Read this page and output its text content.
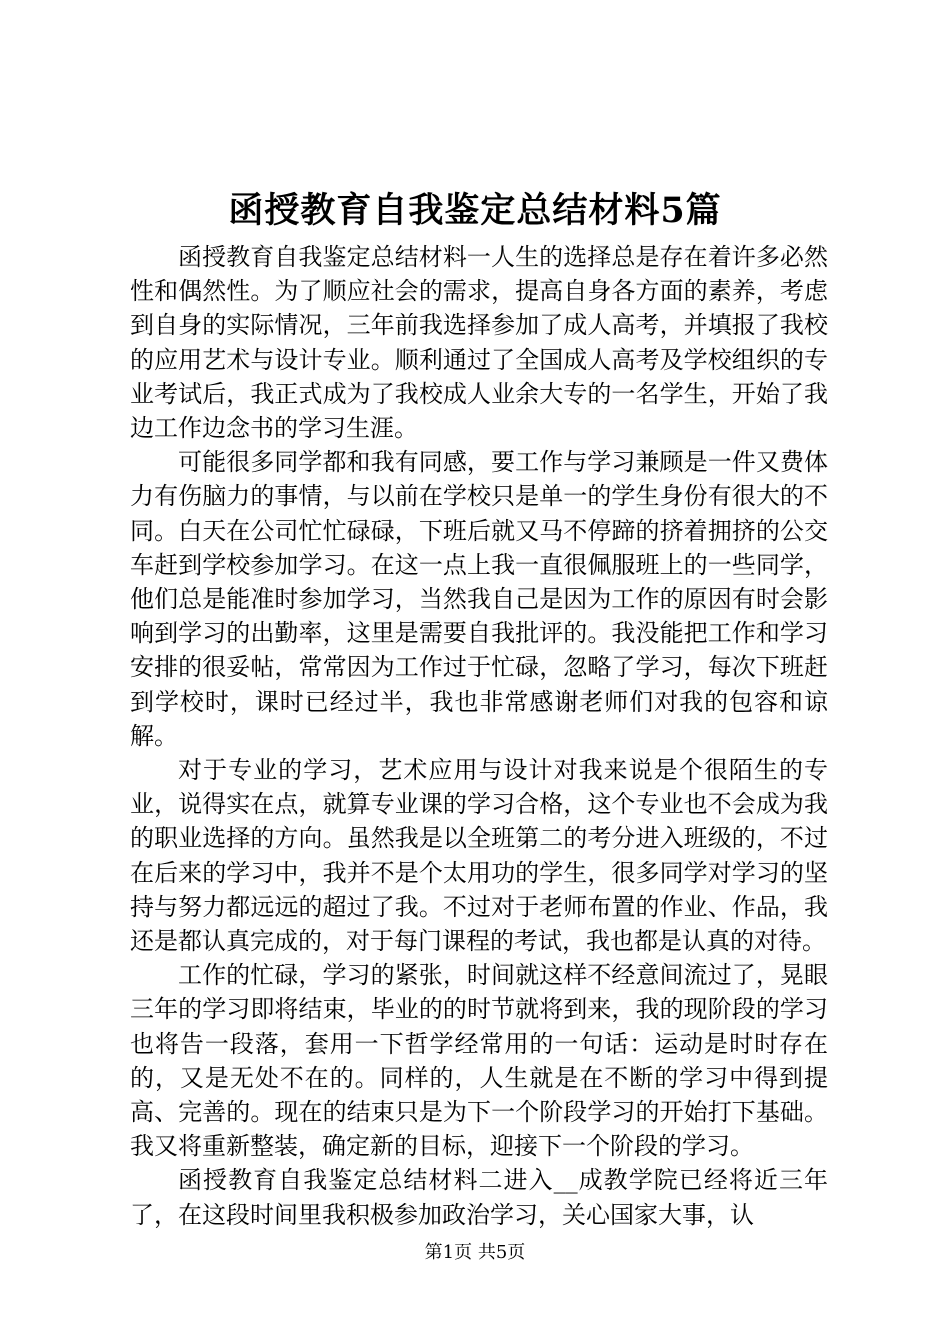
函授教育自我鉴定总结材料5篇

函授教育自我鉴定总结材料一人生的选择总是存在着许多必然性和偶然性。为了顺应社会的需求，提高自身各方面的素养，考虑到自身的实际情况，三年前我选择参加了成人高考，并填报了我校的应用艺术与设计专业。顺利通过了全国成人高考及学校组织的专业考试后，我正式成为了我校成人业余大专的一名学生，开始了我边工作边念书的学习生涯。

可能很多同学都和我有同感，要工作与学习兼顾是一件又费体力有伤脑力的事情，与以前在学校只是单一的学生身份有很大的不同。白天在公司忙忙碌碌，下班后就又马不停蹄的挤着拥挤的公交车赶到学校参加学习。在这一点上我一直很佩服班上的一些同学，他们总是能准时参加学习，当然我自己是因为工作的原因有时会影响到学习的出勤率，这里是需要自我批评的。我没能把工作和学习安排的很妥帖，常常因为工作过于忙碌，忽略了学习，每次下班赶到学校时，课时已经过半，我也非常感谢老师们对我的包容和谅解。

对于专业的学习，艺术应用与设计对我来说是个很陌生的专业，说得实在点，就算专业课的学习合格，这个专业也不会成为我的职业选择的方向。虽然我是以全班第二的考分进入班级的，不过在后来的学习中，我并不是个太用功的学生，很多同学对学习的坚持与努力都远远的超过了我。不过对于老师布置的作业、作品，我还是都认真完成的，对于每门课程的考试，我也都是认真的对待。

工作的忙碌，学习的紧张，时间就这样不经意间流过了，晃眼三年的学习即将结束，毕业的的时节就将到来，我的现阶段的学习也将告一段落，套用一下哲学经常用的一句话：运动是时时存在的，又是无处不在的。同样的，人生就是在不断的学习中得到提高、完善的。现在的结束只是为下一个阶段学习的开始打下基础。我又将重新整装，确定新的目标，迎接下一个阶段的学习。

函授教育自我鉴定总结材料二进入__成教学院已经将近三年了，在这段时间里我积极参加政治学习，关心国家大事，认

第1页 共5页
